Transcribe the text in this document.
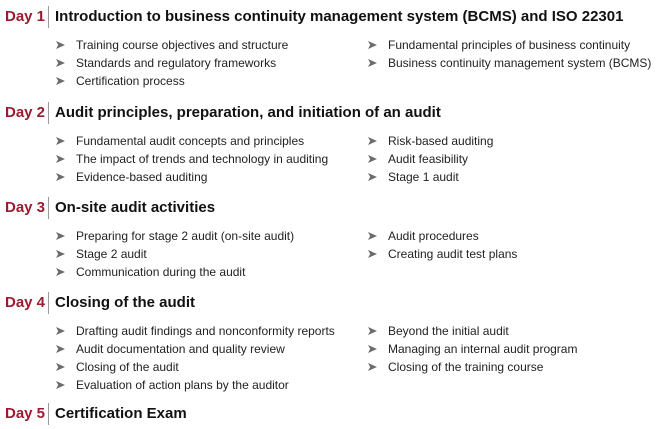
Day 1 Introduction to business continuity management system (BCMS) and ISO 22301
Training course objectives and structure
Standards and regulatory frameworks
Certification process
Fundamental principles of business continuity
Business continuity management system (BCMS)
Day 2 Audit principles, preparation, and initiation of an audit
Fundamental audit concepts and principles
The impact of trends and technology in auditing
Evidence-based auditing
Risk-based auditing
Audit feasibility
Stage 1 audit
Day 3 On-site audit activities
Preparing for stage 2 audit (on-site audit)
Stage 2 audit
Communication during the audit
Audit procedures
Creating audit test plans
Day 4 Closing of the audit
Drafting audit findings and nonconformity reports
Audit documentation and quality review
Closing of the audit
Evaluation of action plans by the auditor
Beyond the initial audit
Managing an internal audit program
Closing of the training course
Day 5 Certification Exam
